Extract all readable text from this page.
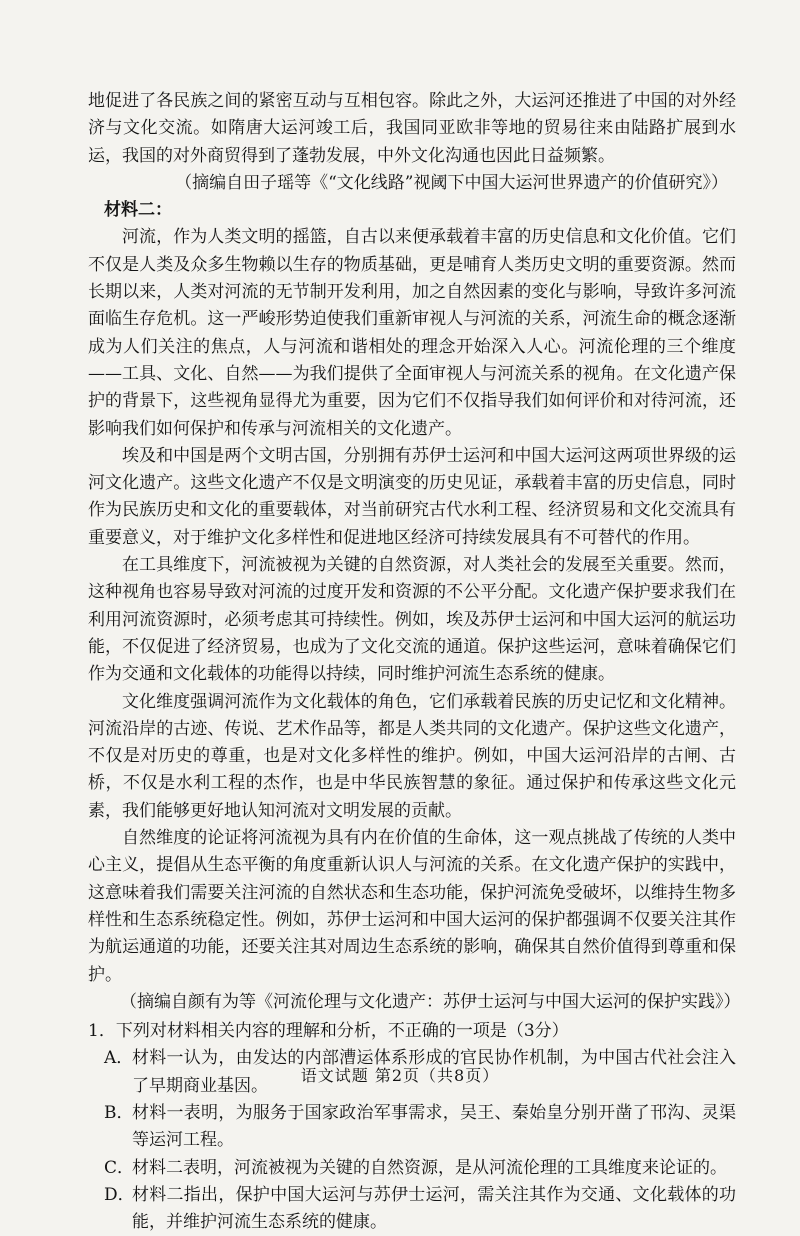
地促进了各民族之间的紧密互动与互相包容。除此之外，大运河还推进了中国的对外经济与文化交流。如隋唐大运河竣工后，我国同亚欧非等地的贸易往来由陆路扩展到水运，我国的对外商贸得到了蓬勃发展，中外文化沟通也因此日益频繁。

（摘编自田子瑶等《“文化线路”视阈下中国大运河世界遗产的价值研究》）

材料二：

河流，作为人类文明的摇篮，自古以来便承载着丰富的历史信息和文化价值。它们不仅是人类及众多生物赖以生存的物质基础，更是哺育人类历史文明的重要资源。然而长期以来，人类对河流的无节制开发利用，加之自然因素的变化与影响，导致许多河流面临生存危机。这一严峻形势迫使我们重新审视人与河流的关系，河流生命的概念逐渐成为人们关注的焦点，人与河流和谐相处的理念开始深入人心。河流伦理的三个维度——工具、文化、自然——为我们提供了全面审视人与河流关系的视角。在文化遗产保护的背景下，这些视角显得尤为重要，因为它们不仅指导我们如何评价和对待河流，还影响我们如何保护和传承与河流相关的文化遗产。

埃及和中国是两个文明古国，分别拥有苏伊士运河和中国大运河这两项世界级的运河文化遗产。这些文化遗产不仅是文明演变的历史见证，承载着丰富的历史信息，同时作为民族历史和文化的重要载体，对当前研究古代水利工程、经济贸易和文化交流具有重要意义，对于维护文化多样性和促进地区经济可持续发展具有不可替代的作用。

在工具维度下，河流被视为关键的自然资源，对人类社会的发展至关重要。然而，这种视角也容易导致对河流的过度开发和资源的不公平分配。文化遗产保护要求我们在利用河流资源时，必须考虑其可持续性。例如，埃及苏伊士运河和中国大运河的航运功能，不仅促进了经济贸易，也成为了文化交流的通道。保护这些运河，意味着确保它们作为交通和文化载体的功能得以持续，同时维护河流生态系统的健康。

文化维度强调河流作为文化载体的角色，它们承载着民族的历史记忆和文化精神。河流沿岸的古迹、传说、艺术作品等，都是人类共同的文化遗产。保护这些文化遗产，不仅是对历史的尊重，也是对文化多样性的维护。例如，中国大运河沿岸的古闸、古桥，不仅是水利工程的杰作，也是中华民族智慧的象征。通过保护和传承这些文化元素，我们能够更好地认知河流对文明发展的贡献。

自然维度的论证将河流视为具有内在价值的生命体，这一观点挑战了传统的人类中心主义，提倡从生态平衡的角度重新认识人与河流的关系。在文化遗产保护的实践中，这意味着我们需要关注河流的自然状态和生态功能，保护河流免受破坏，以维持生物多样性和生态系统稳定性。例如，苏伊士运河和中国大运河的保护都强调不仅要关注其作为航运通道的功能，还要关注其对周边生态系统的影响，确保其自然价值得到尊重和保护。

（摘编自颜有为等《河流伦理与文化遗产：苏伊士运河与中国大运河的保护实践》）

1．下列对材料相关内容的理解和分析，不正确的一项是（3分）

A．
材料一认为，由发达的内部漕运体系形成的官民协作机制，为中国古代社会注入了早期商业基因。
B．
材料一表明，为服务于国家政治军事需求，吴王、秦始皇分别开凿了邗沟、灵渠等运河工程。
C．
材料二表明，河流被视为关键的自然资源，是从河流伦理的工具维度来论证的。
D．
材料二指出，保护中国大运河与苏伊士运河，需关注其作为交通、文化载体的功能，并维护河流生态系统的健康。
语文试题 第2页（共8页）
